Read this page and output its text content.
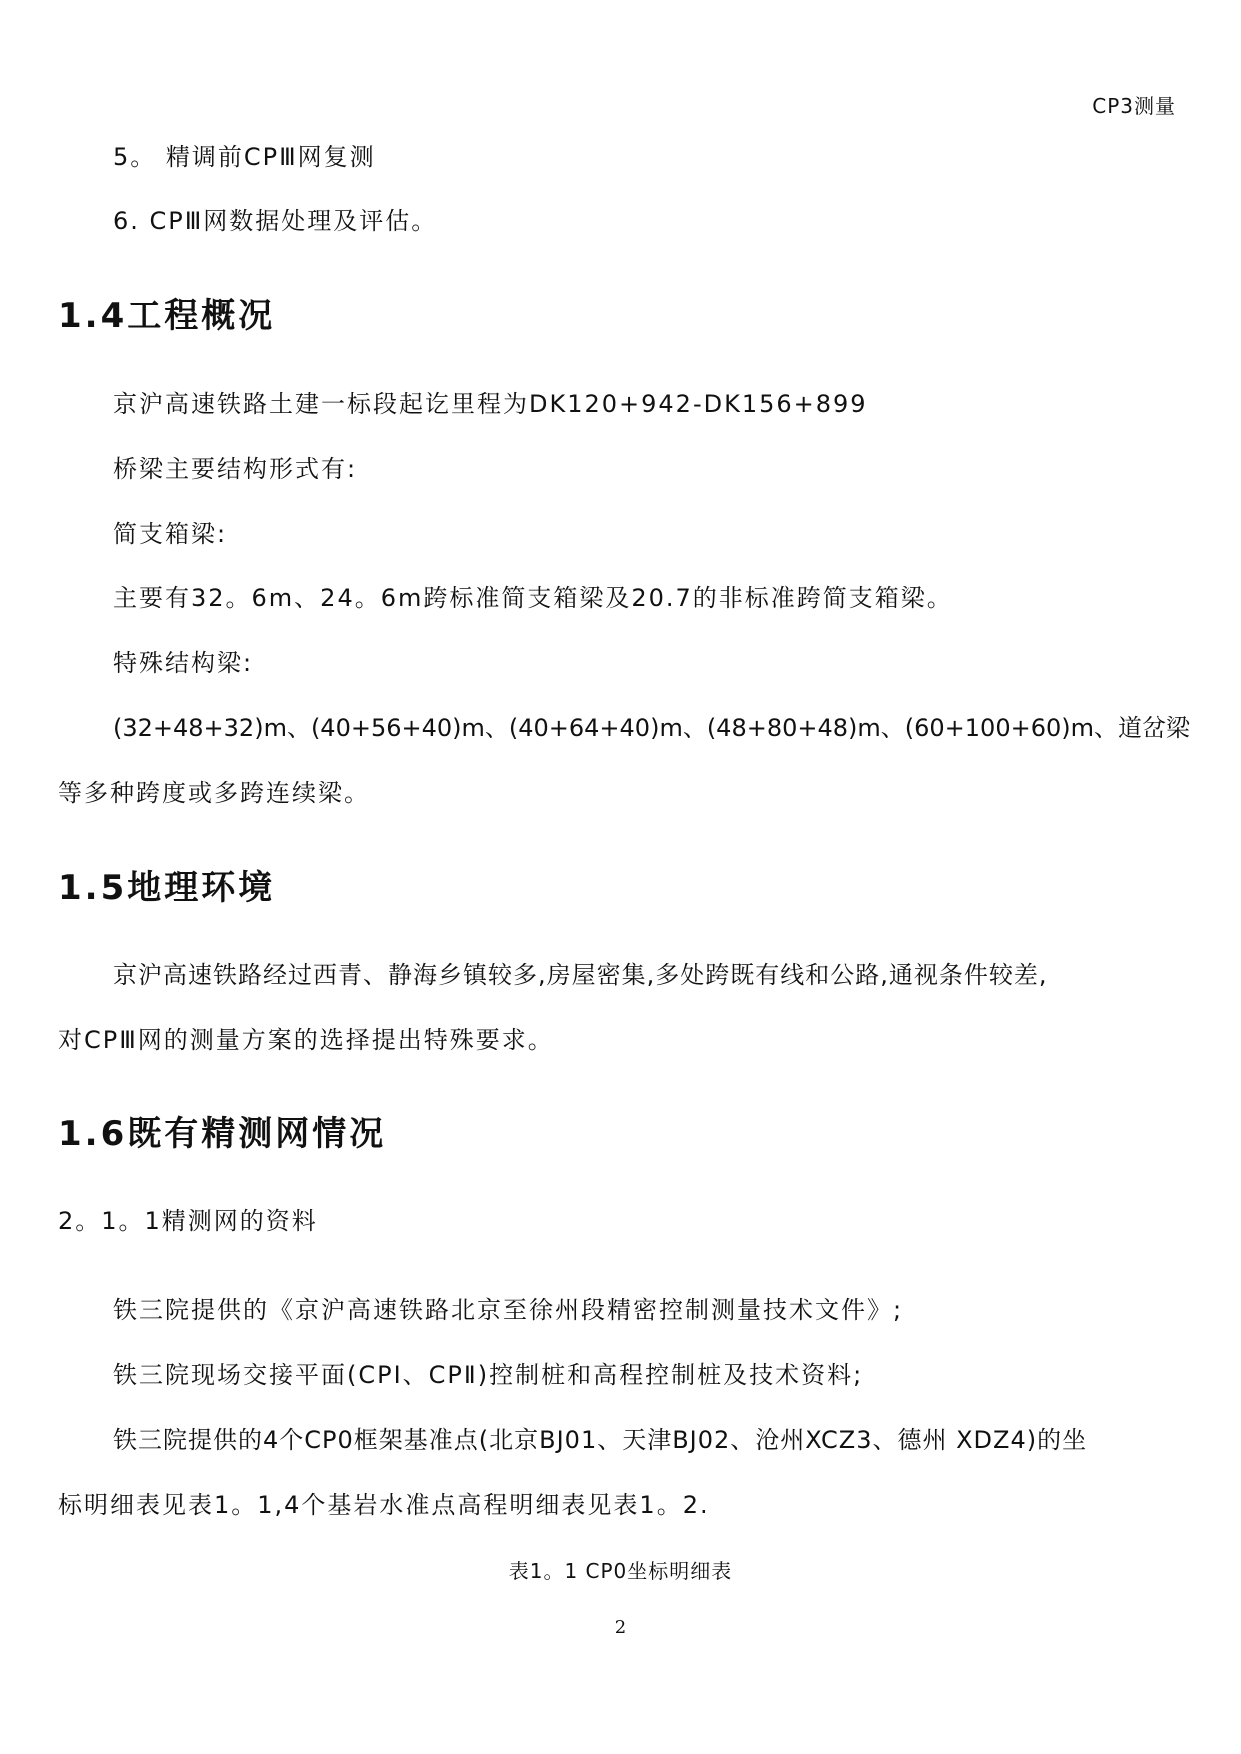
CP3测量
5。 精调前CPⅢ网复测
6. CPⅢ网数据处理及评估。
1.4工程概况
京沪高速铁路土建一标段起讫里程为DK120+942-DK156+899
桥梁主要结构形式有:
简支箱梁:
主要有32。6m、24。6m跨标准简支箱梁及20.7的非标准跨简支箱梁。
特殊结构梁:
(32+48+32)m、(40+56+40)m、(40+64+40)m、(48+80+48)m、(60+100+60)m、道岔梁
等多种跨度或多跨连续梁。
1.5地理环境
京沪高速铁路经过西青、静海乡镇较多,房屋密集,多处跨既有线和公路,通视条件较差,
对CPⅢ网的测量方案的选择提出特殊要求。
1.6既有精测网情况
2。1。1精测网的资料
铁三院提供的《京沪高速铁路北京至徐州段精密控制测量技术文件》;
铁三院现场交接平面(CPⅠ、CPⅡ)控制桩和高程控制桩及技术资料;
铁三院提供的4个CP0框架基准点(北京BJ01、天津BJ02、沧州XCZ3、德州 XDZ4)的坐
标明细表见表1。1,4个基岩水准点高程明细表见表1。2.
表1。1 CP0坐标明细表
2
